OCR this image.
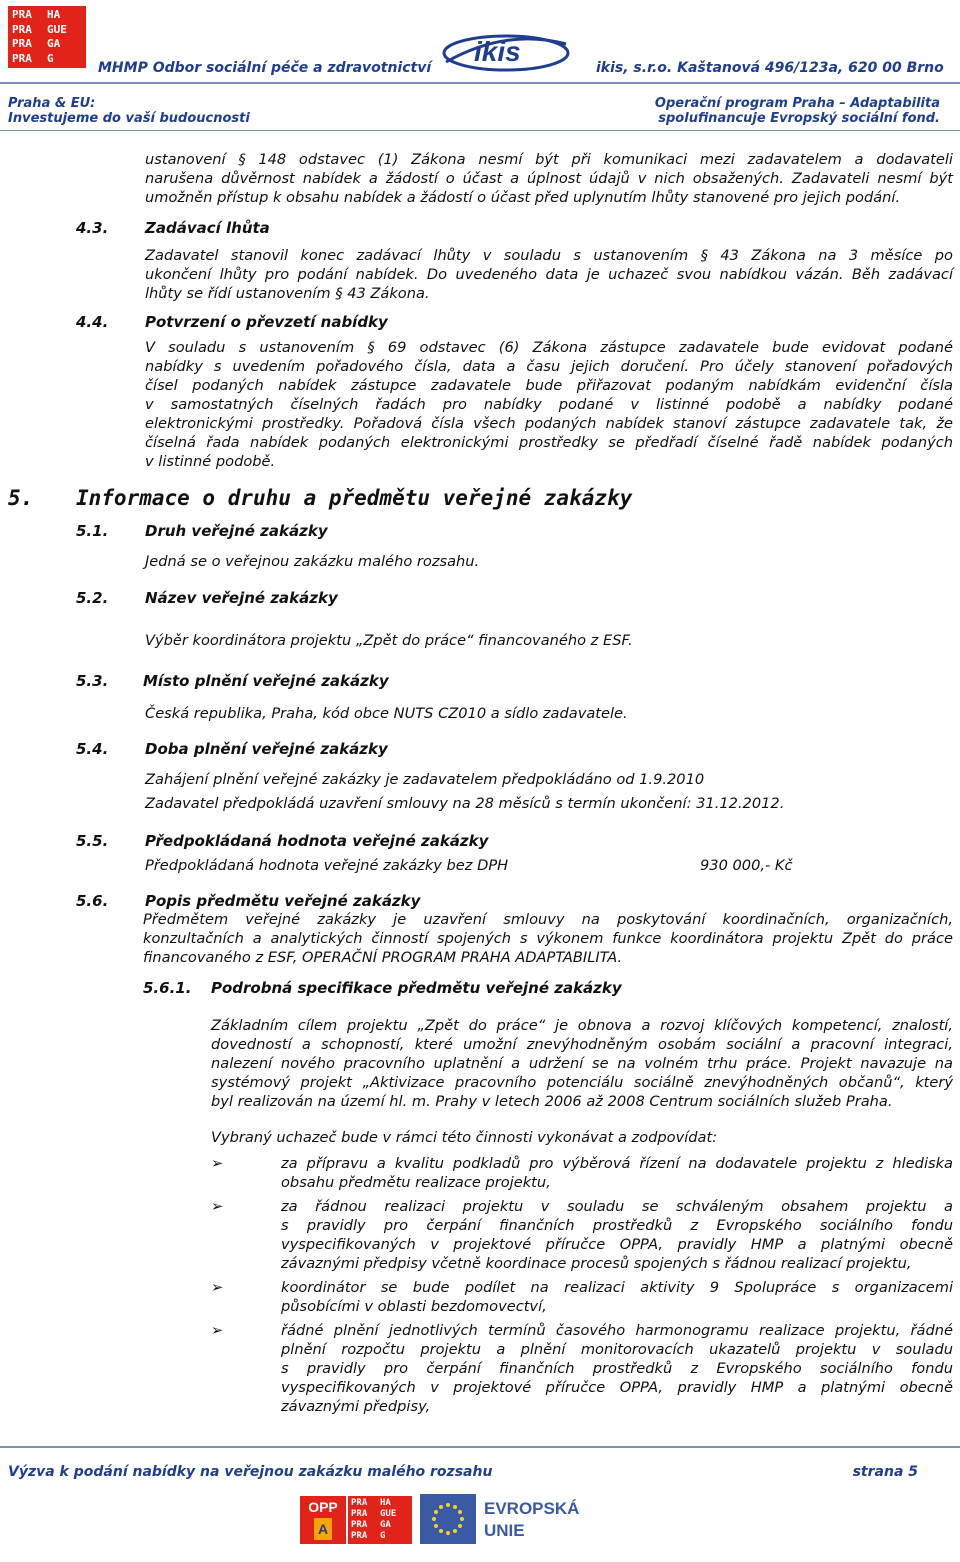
PRA	HA
PRA	GUE
PRA	GA
PRA	G	ikis
MHMP Odbor sociální péče a zdravotnictví	ikis, s.r.o. Kaštanová 496/123a, 620 00 Brno
Praha & EU:
Investujeme do vaší budoucnosti
Operační program Praha – Adaptabilita
spolufinancuje Evropský sociální fond.
ustanovení § 148 odstavec (1) Zákona nesmí být při komunikaci mezi zadavatelem a dodavateli
narušena důvěrnost nabídek a žádostí o účast a úplnost údajů v nich obsažených. Zadavateli nesmí být
umožněn přístup k obsahu nabídek a žádostí o účast před uplynutím lhůty stanovené pro jejich podání.
4.3. Zadávací lhůta
Zadavatel stanovil konec zadávací lhůty v souladu s ustanovením § 43 Zákona na 3 měsíce po
ukončení lhůty pro podání nabídek. Do uvedeného data je uchazeč svou nabídkou vázán. Běh zadávací
lhůty se řídí ustanovením § 43 Zákona.
4.4. Potvrzení o převzetí nabídky
V souladu s ustanovením § 69 odstavec (6) Zákona zástupce zadavatele bude evidovat podané
nabídky s uvedením pořadového čísla, data a času jejich doručení. Pro účely stanovení pořadových
čísel podaných nabídek zástupce zadavatele bude přiřazovat podaným nabídkám evidenční čísla
v samostatných číselných řadách pro nabídky podané v listinné podobě a nabídky podané
elektronickými prostředky. Pořadová čísla všech podaných nabídek stanoví zástupce zadavatele tak, že
číselná řada nabídek podaných elektronickými prostředky se předřadí číselné řadě nabídek podaných
v listinné podobě.
5. Informace o druhu a předmětu veřejné zakázky
5.1. Druh veřejné zakázky
Jedná se o veřejnou zakázku malého rozsahu.
5.2. Název veřejné zakázky
Výběr koordinátora projektu „Zpět do práce“ financovaného z ESF.
5.3. Místo plnění veřejné zakázky
Česká republika, Praha, kód obce NUTS CZ010 a sídlo zadavatele.
5.4. Doba plnění veřejné zakázky
Zahájení plnění veřejné zakázky je zadavatelem předpokládáno od 1.9.2010
Zadavatel předpokládá uzavření smlouvy na 28 měsíců s termín ukončení: 31.12.2012.
5.5. Předpokládaná hodnota veřejné zakázky
Předpokládaná hodnota veřejné zakázky bez DPH	930 000,- Kč
5.6. Popis předmětu veřejné zakázky
Předmětem veřejné zakázky je uzavření smlouvy na poskytování koordinačních, organizačních,
konzultačních a analytických činností spojených s výkonem funkce koordinátora projektu Zpět do práce
financovaného z ESF, OPERAČNÍ PROGRAM PRAHA ADAPTABILITA.
5.6.1. Podrobná specifikace předmětu veřejné zakázky
Základním cílem projektu „Zpět do práce“ je obnova a rozvoj klíčových kompetencí, znalostí,
dovedností a schopností, které umožní znevýhodněným osobám sociální a pracovní integraci,
nalezení nového pracovního uplatnění a udržení se na volném trhu práce. Projekt navazuje na
systémový projekt „Aktivizace pracovního potenciálu sociálně znevýhodněných občanů“, který
byl realizován na území hl. m. Prahy v letech 2006 až 2008 Centrum sociálních služeb Praha.
Vybraný uchazeč bude v rámci této činnosti vykonávat a zodpovídat:
➢	za přípravu a kvalitu podkladů pro výběrová řízení na dodavatele projektu z hlediska
obsahu předmětu realizace projektu,
➢	za řádnou realizaci projektu v souladu se schváleným obsahem projektu a
s pravidly pro čerpání finančních prostředků z Evropského sociálního fondu
vyspecifikovaných v projektové příručce OPPA, pravidly HMP a platnými obecně
závaznými předpisy včetně koordinace procesů spojených s řádnou realizací projektu,
➢	koordinátor se bude podílet na realizaci aktivity 9 Spolupráce s organizacemi
působícími v oblasti bezdomovectví,
➢	řádné plnění jednotlivých termínů časového harmonogramu realizace projektu, řádné
plnění rozpočtu projektu a plnění monitorovacích ukazatelů projektu v souladu
s pravidly pro čerpání finančních prostředků z Evropského sociálního fondu
vyspecifikovaných v projektové příručce OPPA, pravidly HMP a platnými obecně
závaznými předpisy,
Výzva k podání nabídky na veřejnou zakázku malého rozsahu	strana 5
OPP
A
PRA	HA
PRA	GUE
PRA	GA
PRA	G
EVROPSKÁ
UNIE
